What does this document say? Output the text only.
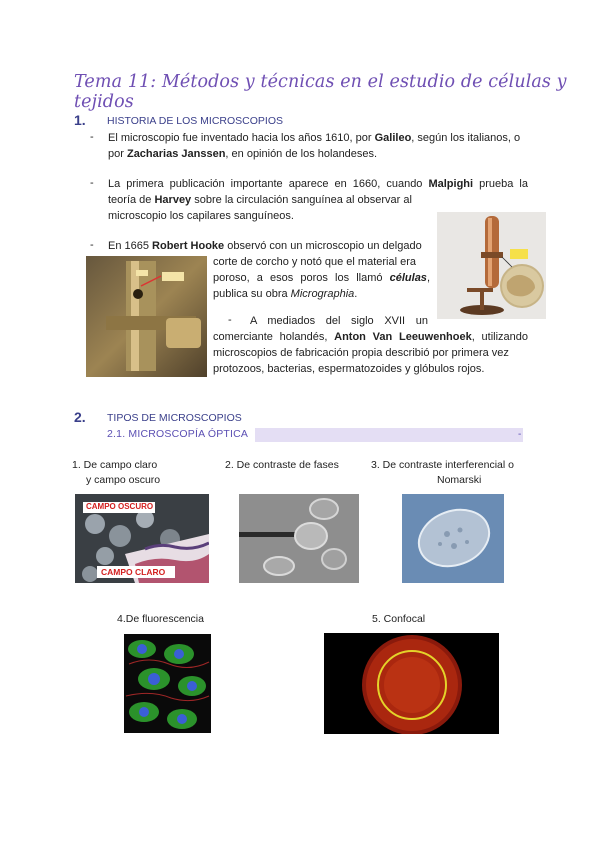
Tema 11: Métodos y técnicas en el estudio de células y tejidos
1. HISTORIA DE LOS MICROSCOPIOS
- El microscopio fue inventado hacia los años 1610, por Galileo, según los italianos, o
por Zacharias Janssen, en opinión de los holandeses.
- La primera publicación importante aparece en 1660, cuando Malpighi prueba la
teoría de Harvey sobre la circulación sanguínea al observar al
microscopio los capilares sanguíneos.
- En 1665 Robert Hooke observó con un microscopio un delgado
corte de corcho y notó que el material era
poroso, a esos poros los llamó células,
publica su obra Micrographia.
-	A mediados del siglo XVII un
comerciante holandés, Anton Van Leeuwenhoek, utilizando
microscopios de fabricación propia describió por primera vez
protozoos, bacterias, espermatozoides y glóbulos rojos.
2. TIPOS DE MICROSCOPIOS
2.1. MICROSCOPÍA ÓPTICA	-
1. De campo claro
y campo oscuro
2. De contraste de fases	3. De contraste interferencial o
Nomarski
CAMPO OSCURO
CAMPO CLARO
4.De fluorescencia	5. Confocal
